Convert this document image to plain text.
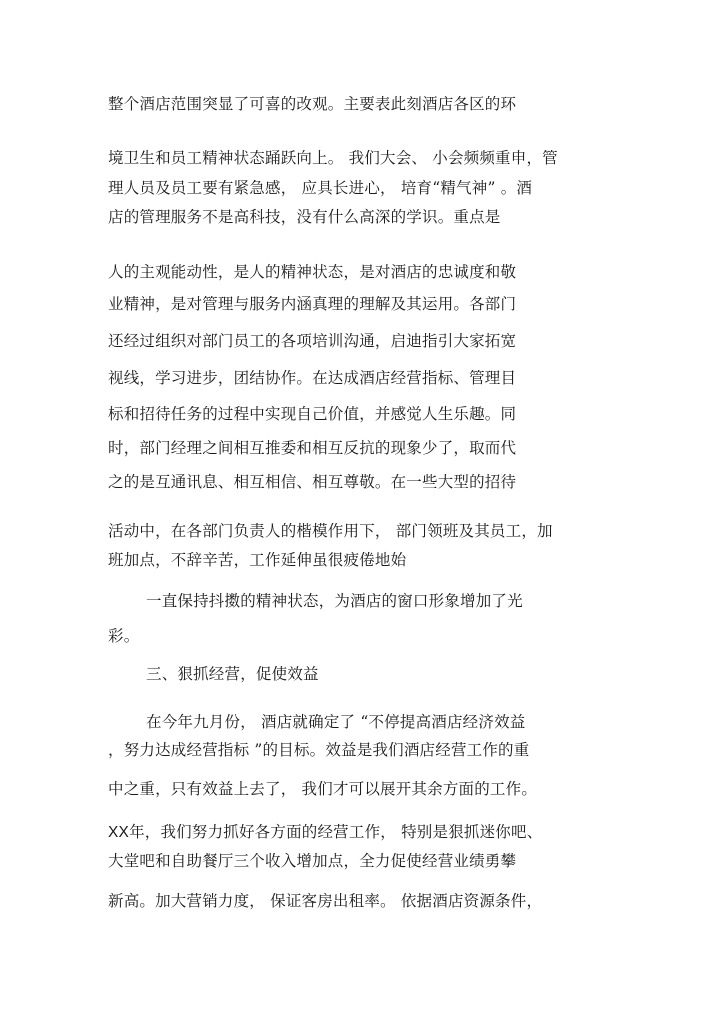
整个酒店范围突显了可喜的改观。主要表此刻酒店各区的环
境卫生和员工精神状态踊跃向上。 我们大会、 小会频频重申，管
理人员及员工要有紧急感， 应具长进心， 培育“精气神” 。酒
店的管理服务不是高科技，没有什么高深的学识。重点是
人的主观能动性，是人的精神状态，是对酒店的忠诚度和敬
业精神，是对管理与服务内涵真理的理解及其运用。各部门
还经过组织对部门员工的各项培训沟通，启迪指引大家拓宽
视线，学习进步，团结协作。在达成酒店经营指标、管理目
标和招待任务的过程中实现自己价值，并感觉人生乐趣。同
时，部门经理之间相互推委和相互反抗的现象少了，取而代
之的是互通讯息、相互相信、相互尊敬。在一些大型的招待
活动中，在各部门负责人的楷模作用下， 部门领班及其员工，加
班加点，不辞辛苦，工作延伸虽很疲倦地始
一直保持抖擞的精神状态，为酒店的窗口形象增加了光
彩。
三、狠抓经营，促使效益
在今年九月份， 酒店就确定了 “不停提高酒店经济效益
，努力达成经营指标 ”的目标。效益是我们酒店经营工作的重
中之重，只有效益上去了， 我们才可以展开其余方面的工作。
XX年，我们努力抓好各方面的经营工作， 特别是狠抓迷你吧、
大堂吧和自助餐厅三个收入增加点，全力促使经营业绩勇攀
新高。加大营销力度， 保证客房出租率。 依据酒店资源条件，
